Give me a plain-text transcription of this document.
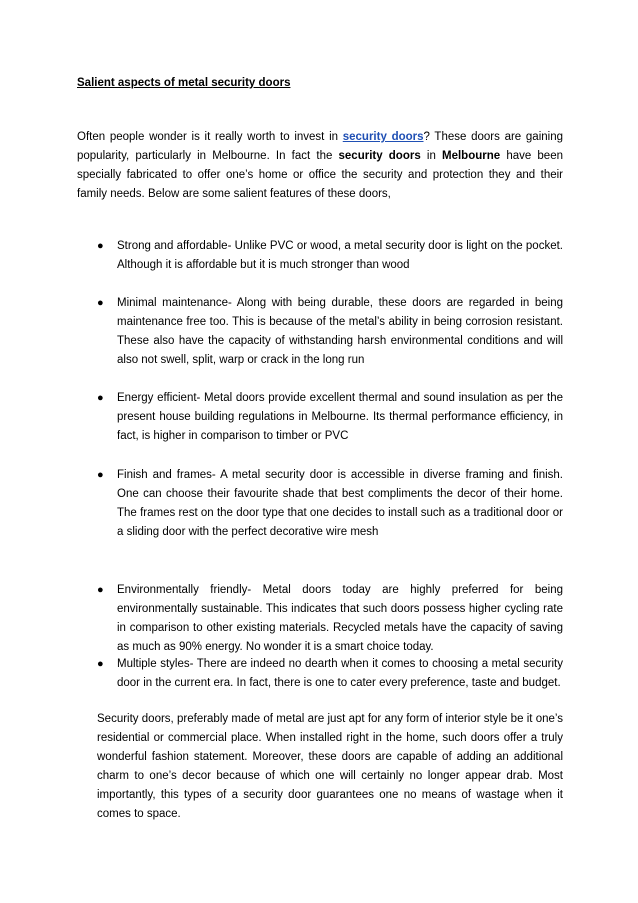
Salient aspects of metal security doors

Often people wonder is it really worth to invest in security doors? These doors are gaining popularity, particularly in Melbourne. In fact the security doors in Melbourne have been specially fabricated to offer one’s home or office the security and protection they and their family needs. Below are some salient features of these doors,

● Strong and affordable- Unlike PVC or wood, a metal security door is light on the pocket. Although it is affordable but it is much stronger than wood

● Minimal maintenance- Along with being durable, these doors are regarded in being maintenance free too. This is because of the metal’s ability in being corrosion resistant. These also have the capacity of withstanding harsh environmental conditions and will also not swell, split, warp or crack in the long run

● Energy efficient- Metal doors provide excellent thermal and sound insulation as per the present house building regulations in Melbourne. Its thermal performance efficiency, in fact, is higher in comparison to timber or PVC

● Finish and frames- A metal security door is accessible in diverse framing and finish. One can choose their favourite shade that best compliments the decor of their home. The frames rest on the door type that one decides to install such as a traditional door or a sliding door with the perfect decorative wire mesh

● Environmentally friendly- Metal doors today are highly preferred for being environmentally sustainable. This indicates that such doors possess higher cycling rate in comparison to other existing materials. Recycled metals have the capacity of saving as much as 90% energy. No wonder it is a smart choice today.

● Multiple styles- There are indeed no dearth when it comes to choosing a metal security door in the current era. In fact, there is one to cater every preference, taste and budget.

Security doors, preferably made of metal are just apt for any form of interior style be it one’s residential or commercial place. When installed right in the home, such doors offer a truly wonderful fashion statement. Moreover, these doors are capable of adding an additional charm to one’s decor because of which one will certainly no longer appear drab. Most importantly, this types of a security door guarantees one no means of wastage when it comes to space.
